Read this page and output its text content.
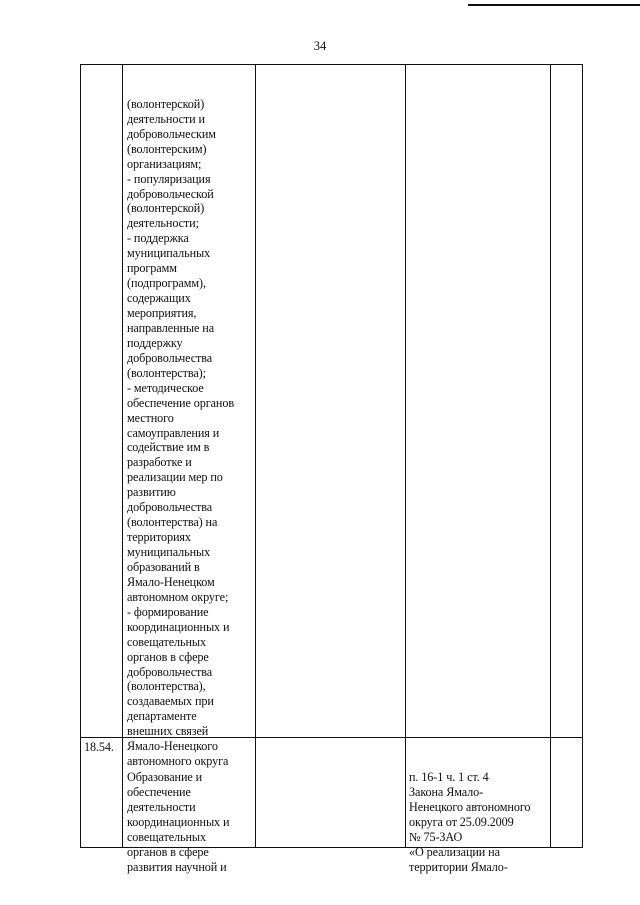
34

(волонтерской)
деятельности и
добровольческим
(волонтерским)
организациям;
- популяризация
добровольческой
(волонтерской)
деятельности;
- поддержка
муниципальных
программ
(подпрограмм),
содержащих
мероприятия,
направленные на
поддержку
добровольчества
(волонтерства);
- методическое
обеспечение органов
местного
самоуправления и
содействие им в
разработке и
реализации мер по
развитию
добровольчества
(волонтерства) на
территориях
муниципальных
образований в
Ямало-Ненецком
автономном округе;
- формирование
координационных и
совещательных
органов в сфере
добровольчества
(волонтерства),
создаваемых при
департаменте
внешних связей
Ямало-Ненецкого
автономного округа

18.54.

Образование и
обеспечение
деятельности
координационных и
совещательных
органов в сфере
развития научной и

п. 16-1 ч. 1 ст. 4
Закона Ямало-
Ненецкого автономного
округа от 25.09.2009
№ 75-ЗАО
«О реализации на
территории Ямало-
